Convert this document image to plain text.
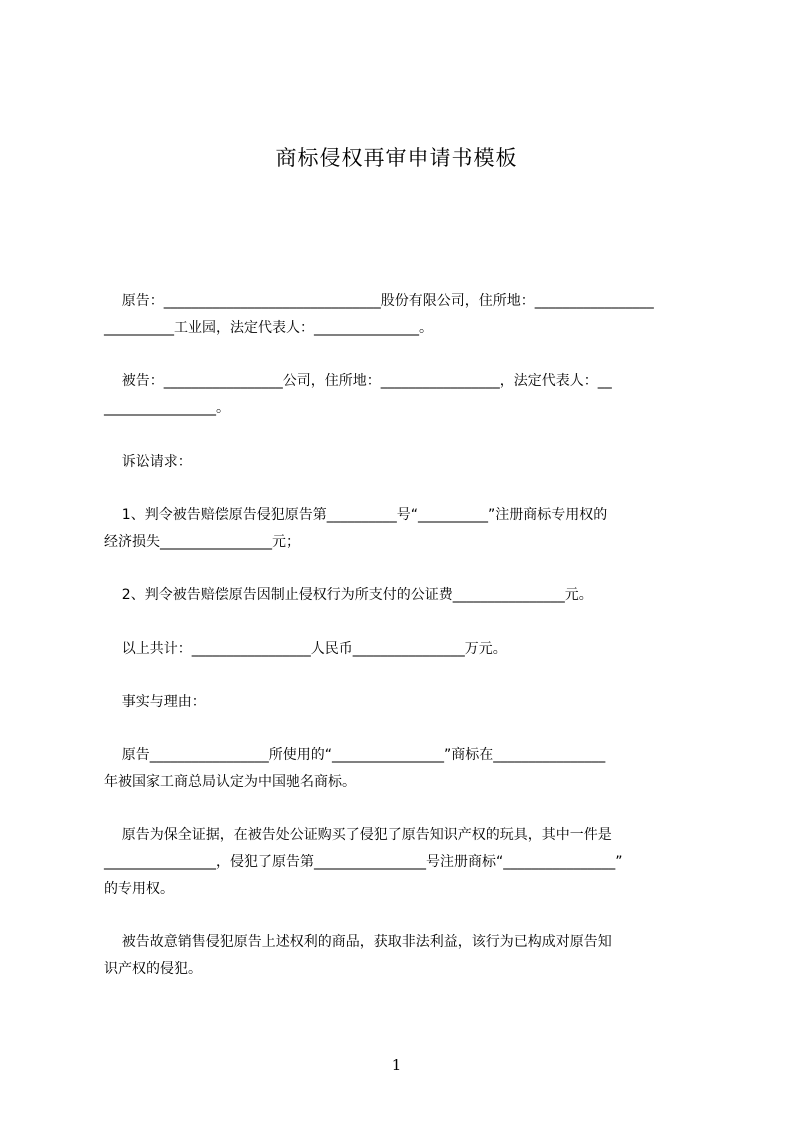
商标侵权再审申请书模板

原告：_______________________________股份有限公司，住所地：_________________

__________工业园，法定代表人：_______________。

被告：_________________公司，住所地：_________________，法定代表人：__

________________。

诉讼请求：

1、判令被告赔偿原告侵犯原告第__________号“__________”注册商标专用权的

经济损失________________元；

2、判令被告赔偿原告因制止侵权行为所支付的公证费________________元。

以上共计：_________________人民币________________万元。

事实与理由：

原告_________________所使用的“________________”商标在________________

年被国家工商总局认定为中国驰名商标。

原告为保全证据，在被告处公证购买了侵犯了原告知识产权的玩具，其中一件是

________________，侵犯了原告第________________号注册商标“________________”

的专用权。

被告故意销售侵犯原告上述权利的商品，获取非法利益，该行为已构成对原告知

识产权的侵犯。

1
